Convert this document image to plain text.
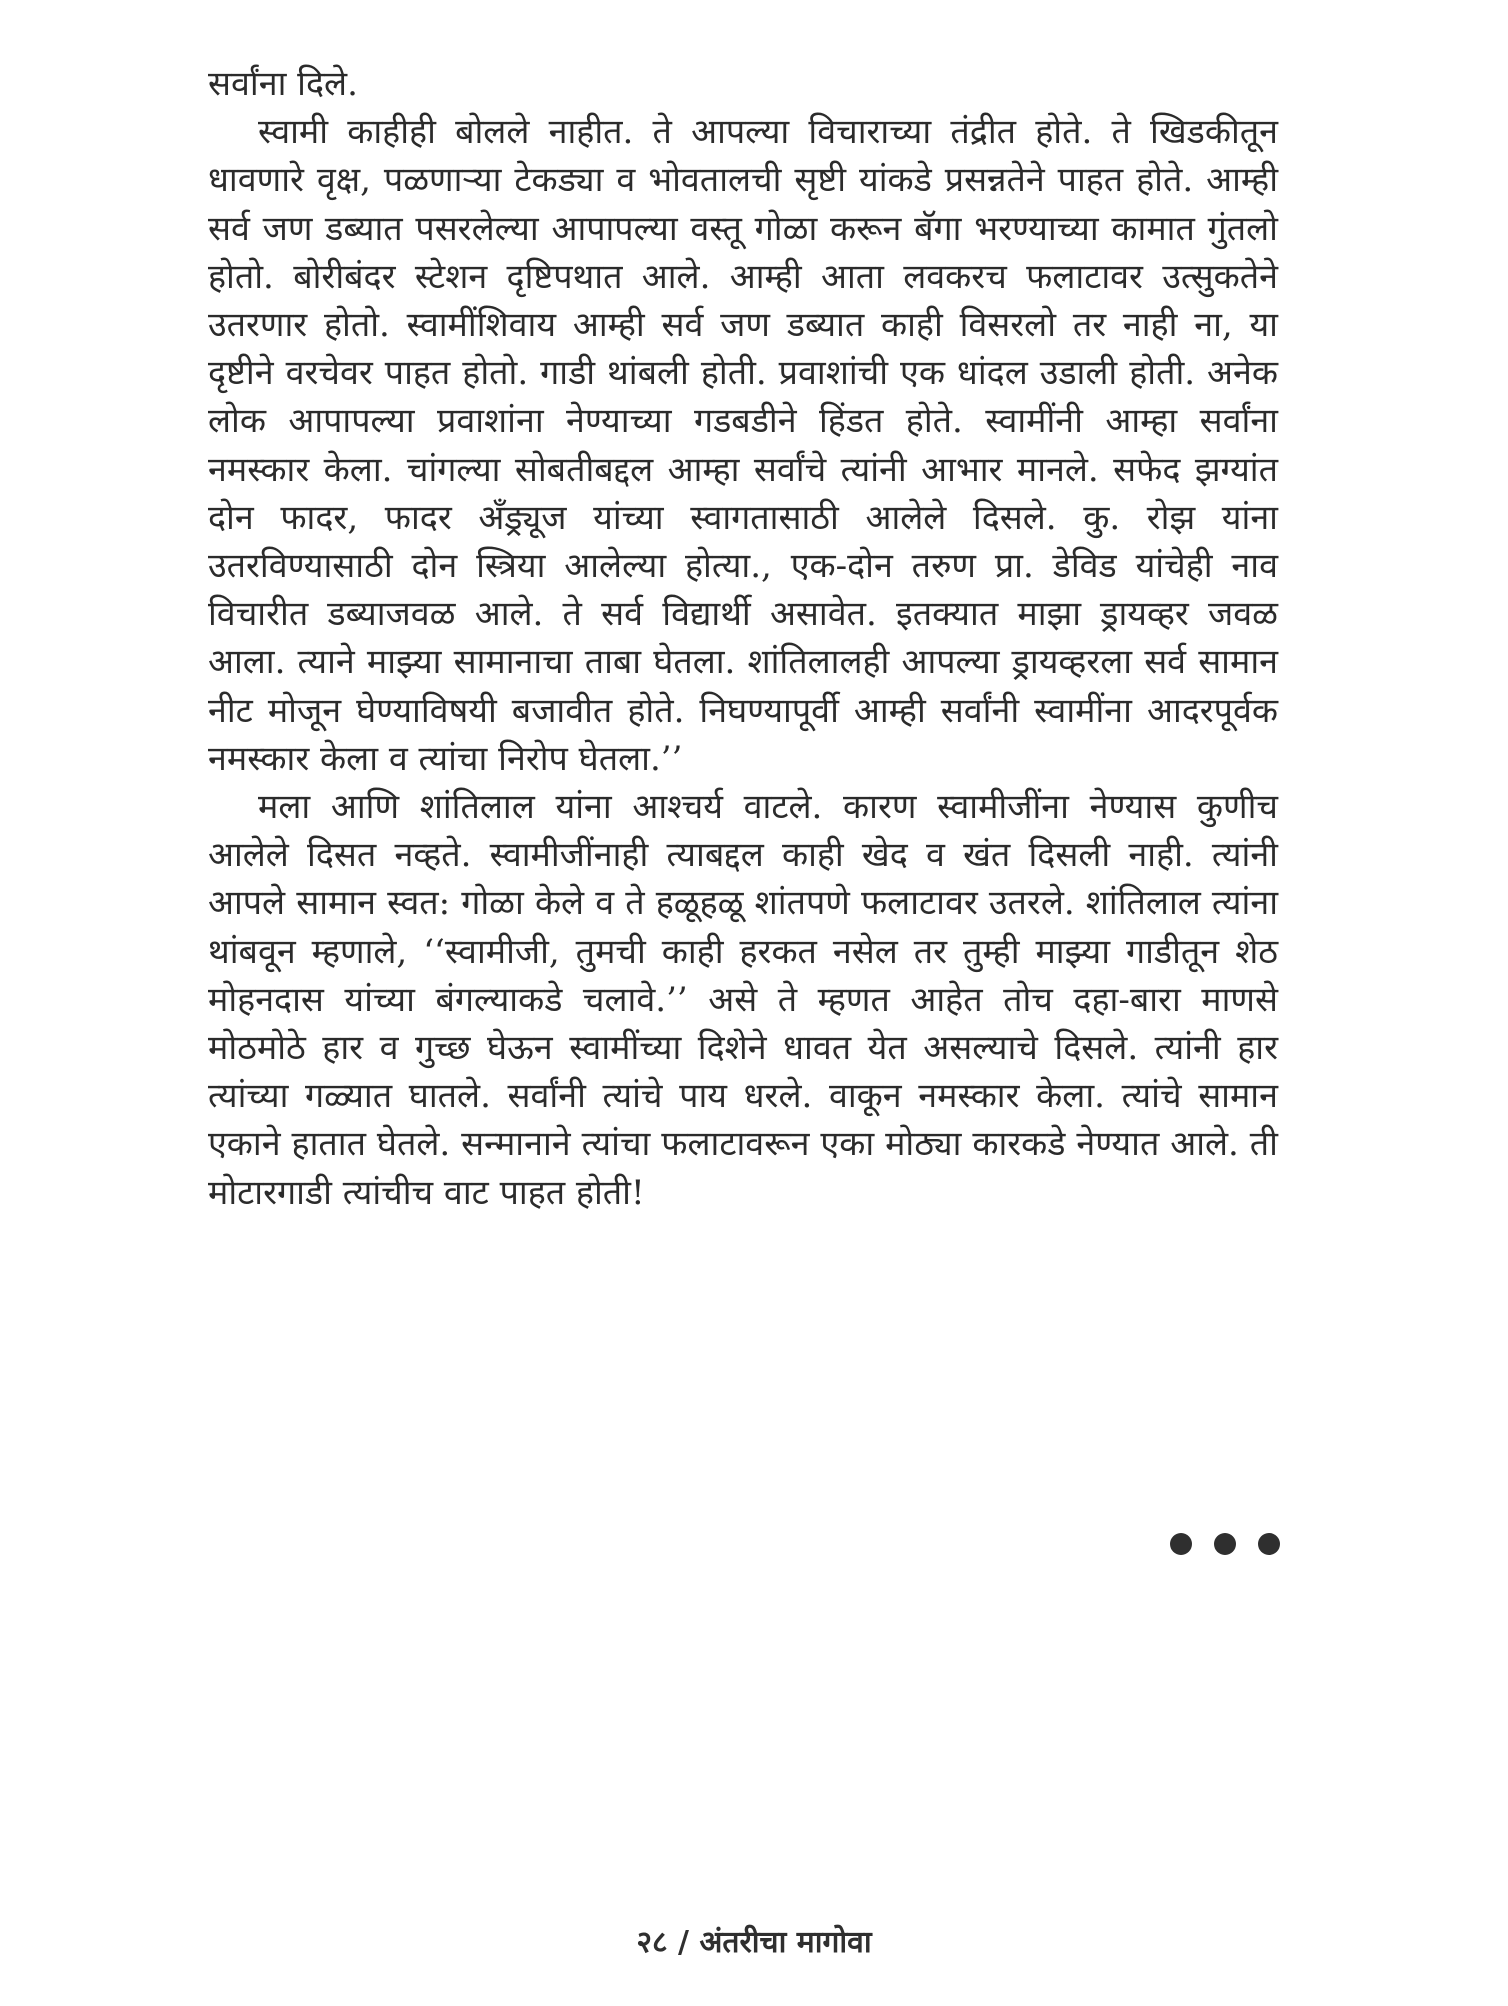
सर्वांना दिले.

स्वामी काहीही बोलले नाहीत. ते आपल्या विचाराच्या तंद्रीत होते. ते खिडकीतून धावणारे वृक्ष, पळणाऱ्या टेकड्या व भोवतालची सृष्टी यांकडे प्रसन्नतेने पाहत होते. आम्ही सर्व जण डब्यात पसरलेल्या आपापल्या वस्तू गोळा करून बॅगा भरण्याच्या कामात गुंतलो होतो. बोरीबंदर स्टेशन दृष्टिपथात आले. आम्ही आता लवकरच फलाटावर उत्सुकतेने उतरणार होतो. स्वामींशिवाय आम्ही सर्व जण डब्यात काही विसरलो तर नाही ना, या दृष्टीने वरचेवर पाहत होतो. गाडी थांबली होती. प्रवाशांची एक धांदल उडाली होती. अनेक लोक आपापल्या प्रवाशांना नेण्याच्या गडबडीने हिंडत होते. स्वामींनी आम्हा सर्वांना नमस्कार केला. चांगल्या सोबतीबद्दल आम्हा सर्वांचे त्यांनी आभार मानले. सफेद झग्यांत दोन फादर, फादर अँड्र्यूज यांच्या स्वागतासाठी आलेले दिसले. कु. रोझ यांना उतरविण्यासाठी दोन स्त्रिया आलेल्या होत्या., एक-दोन तरुण प्रा. डेविड यांचेही नाव विचारीत डब्याजवळ आले. ते सर्व विद्यार्थी असावेत. इतक्यात माझा ड्रायव्हर जवळ आला. त्याने माझ्या सामानाचा ताबा घेतला. शांतिलालही आपल्या ड्रायव्हरला सर्व सामान नीट मोजून घेण्याविषयी बजावीत होते. निघण्यापूर्वी आम्ही सर्वांनी स्वामींना आदरपूर्वक नमस्कार केला व त्यांचा निरोप घेतला.’’

मला आणि शांतिलाल यांना आश्चर्य वाटले. कारण स्वामीजींना नेण्यास कुणीच आलेले दिसत नव्हते. स्वामीजींनाही त्याबद्दल काही खेद व खंत दिसली नाही. त्यांनी आपले सामान स्वत: गोळा केले व ते हळूहळू शांतपणे फलाटावर उतरले. शांतिलाल त्यांना थांबवून म्हणाले, ‘‘स्वामीजी, तुमची काही हरकत नसेल तर तुम्ही माझ्या गाडीतून शेठ मोहनदास यांच्या बंगल्याकडे चलावे.’’ असे ते म्हणत आहेत तोच दहा-बारा माणसे मोठमोठे हार व गुच्छ घेऊन स्वामींच्या दिशेने धावत येत असल्याचे दिसले. त्यांनी हार त्यांच्या गळ्यात घातले. सर्वांनी त्यांचे पाय धरले. वाकून नमस्कार केला. त्यांचे सामान एकाने हातात घेतले. सन्मानाने त्यांचा फलाटावरून एका मोठ्या कारकडे नेण्यात आले. ती मोटारगाडी त्यांचीच वाट पाहत होती!

२८ / अंतरीचा मागोवा
